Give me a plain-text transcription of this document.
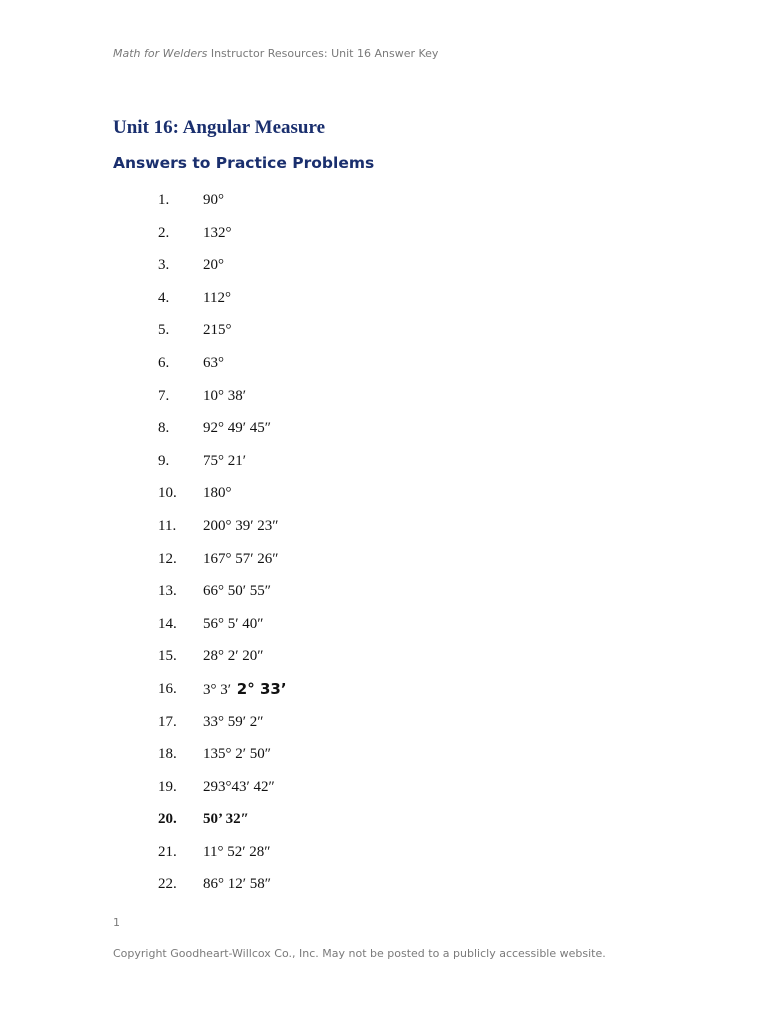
Math for Welders Instructor Resources: Unit 16 Answer Key
Unit 16: Angular Measure
Answers to Practice Problems
1. 90°
2. 132°
3. 20°
4. 112°
5. 215°
6. 63°
7. 10° 38′
8. 92° 49′ 45″
9. 75° 21′
10. 180°
11. 200° 39′ 23″
12. 167° 57′ 26″
13. 66° 50′ 55″
14. 56° 5′ 40″
15. 28° 2′ 20″
16. 3° 3′ 2° 33’
17. 33° 59′ 2″
18. 135° 2′ 50″
19. 293°43′ 42″
20. 50’ 32″
21. 11° 52′ 28″
22. 86° 12′ 58″
1
Copyright Goodheart-Willcox Co., Inc. May not be posted to a publicly accessible website.
